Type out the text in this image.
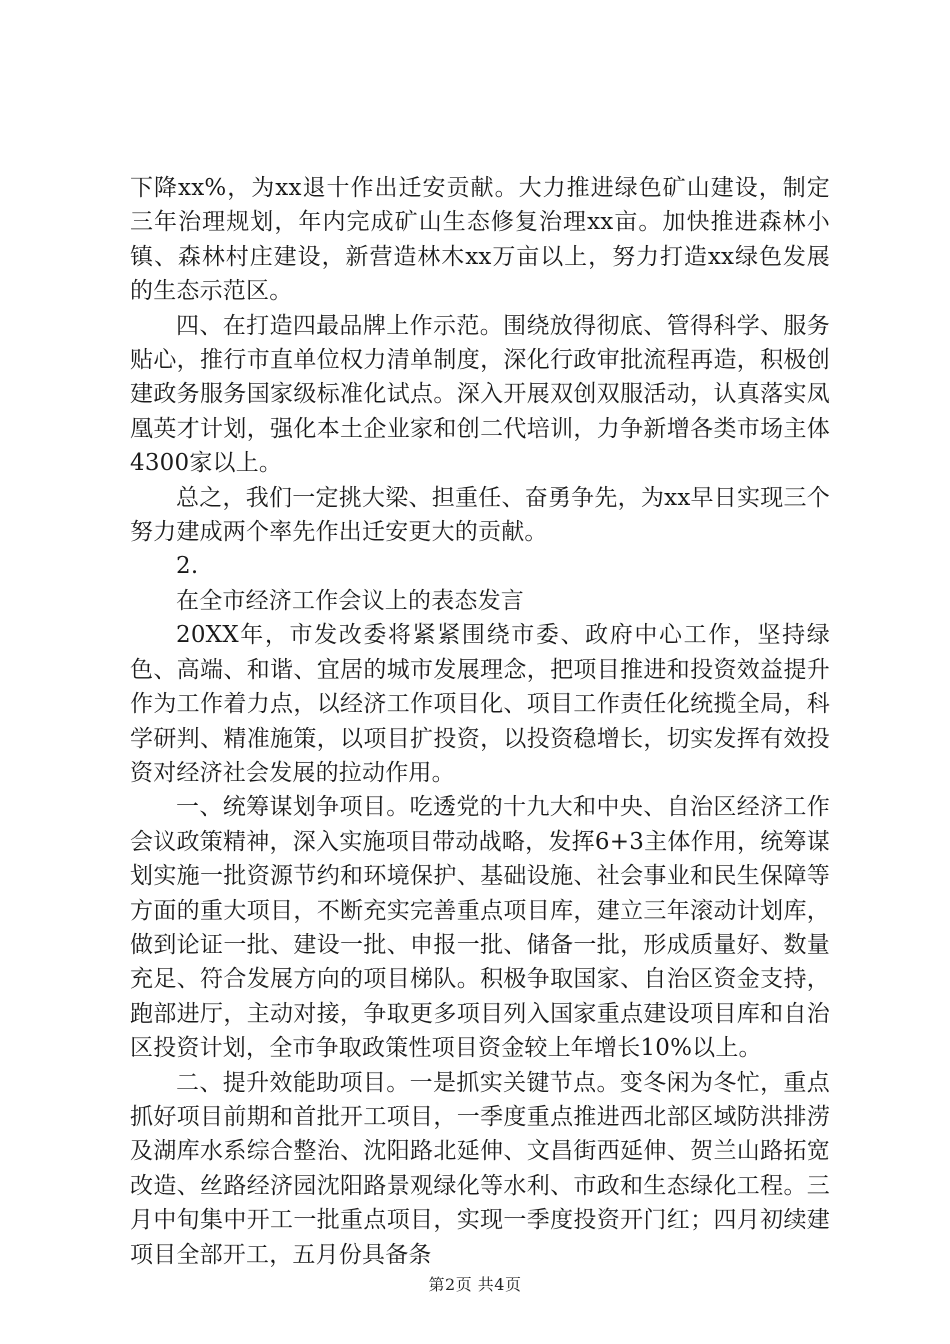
下降xx%，为xx退十作出迁安贡献。大力推进绿色矿山建设，制定三年治理规划，年内完成矿山生态修复治理xx亩。加快推进森林小镇、森林村庄建设，新营造林木xx万亩以上，努力打造xx绿色发展的生态示范区。

四、在打造四最品牌上作示范。围绕放得彻底、管得科学、服务贴心，推行市直单位权力清单制度，深化行政审批流程再造，积极创建政务服务国家级标准化试点。深入开展双创双服活动，认真落实凤凰英才计划，强化本土企业家和创二代培训，力争新增各类市场主体4300家以上。

总之，我们一定挑大梁、担重任、奋勇争先，为xx早日实现三个努力建成两个率先作出迁安更大的贡献。

2.

在全市经济工作会议上的表态发言

20XX年，市发改委将紧紧围绕市委、政府中心工作，坚持绿色、高端、和谐、宜居的城市发展理念，把项目推进和投资效益提升作为工作着力点，以经济工作项目化、项目工作责任化统揽全局，科学研判、精准施策，以项目扩投资，以投资稳增长，切实发挥有效投资对经济社会发展的拉动作用。

一、统筹谋划争项目。吃透党的十九大和中央、自治区经济工作会议政策精神，深入实施项目带动战略，发挥6+3主体作用，统筹谋划实施一批资源节约和环境保护、基础设施、社会事业和民生保障等方面的重大项目，不断充实完善重点项目库，建立三年滚动计划库，做到论证一批、建设一批、申报一批、储备一批，形成质量好、数量充足、符合发展方向的项目梯队。积极争取国家、自治区资金支持，跑部进厅，主动对接，争取更多项目列入国家重点建设项目库和自治区投资计划，全市争取政策性项目资金较上年增长10%以上。

二、提升效能助项目。一是抓实关键节点。变冬闲为冬忙，重点抓好项目前期和首批开工项目，一季度重点推进西北部区域防洪排涝及湖库水系综合整治、沈阳路北延伸、文昌街西延伸、贺兰山路拓宽改造、丝路经济园沈阳路景观绿化等水利、市政和生态绿化工程。三月中旬集中开工一批重点项目，实现一季度投资开门红；四月初续建项目全部开工，五月份具备条

第2页 共4页
